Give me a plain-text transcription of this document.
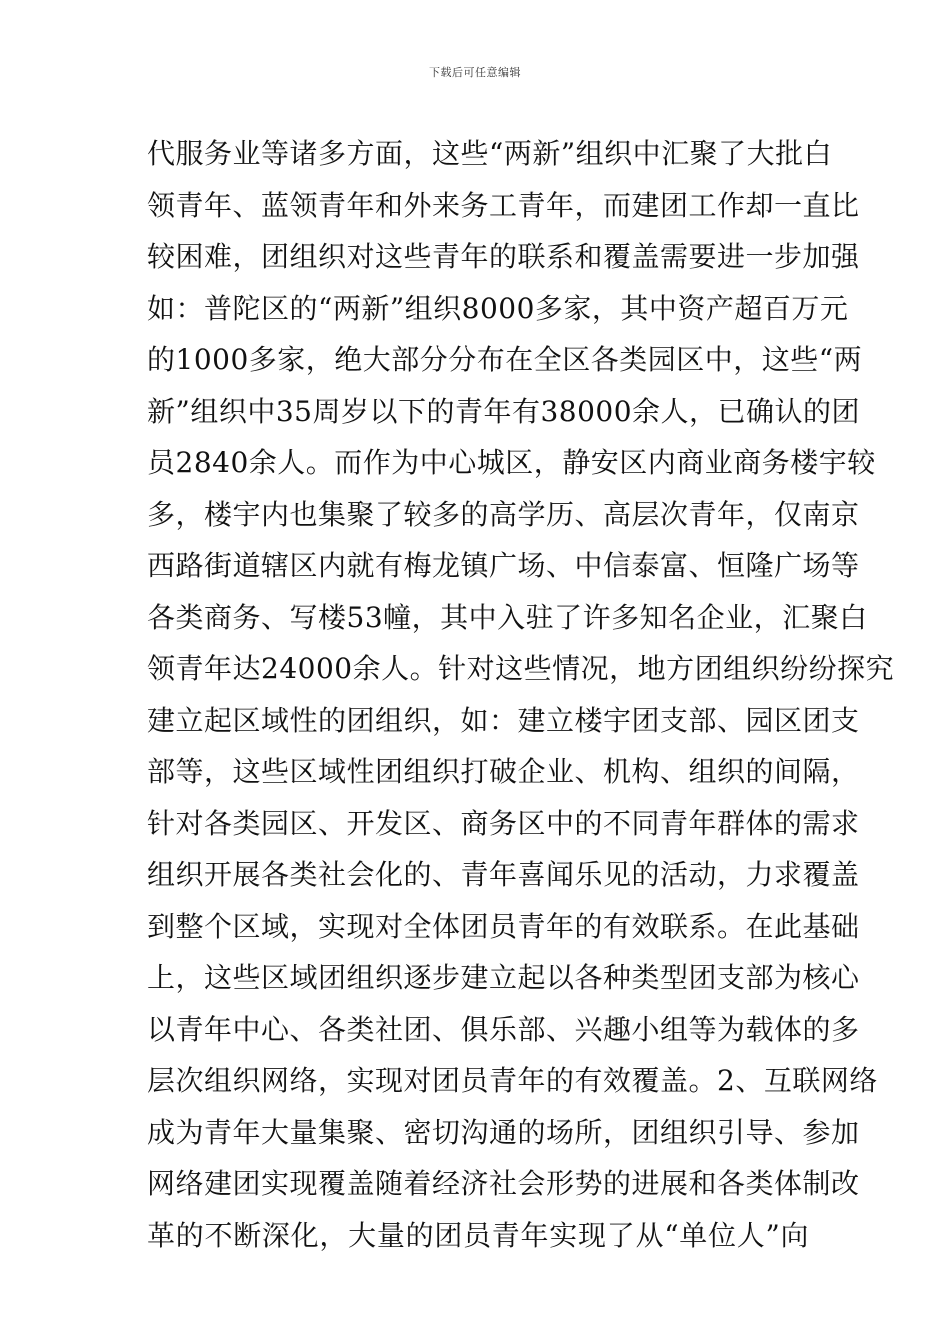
下载后可任意编辑
代服务业等诸多方面，这些“两新”组织中汇聚了大批白
领青年、蓝领青年和外来务工青年，而建团工作却一直比
较困难，团组织对这些青年的联系和覆盖需要进一步加强
如：普陀区的“两新”组织8000多家，其中资产超百万元
的1000多家，绝大部分分布在全区各类园区中，这些“两
新”组织中35周岁以下的青年有38000余人，已确认的团
员2840余人。而作为中心城区，静安区内商业商务楼宇较
多，楼宇内也集聚了较多的高学历、高层次青年，仅南京
西路街道辖区内就有梅龙镇广场、中信泰富、恒隆广场等
各类商务、写楼53幢，其中入驻了许多知名企业，汇聚白
领青年达24000余人。针对这些情况，地方团组织纷纷探究
建立起区域性的团组织，如：建立楼宇团支部、园区团支
部等，这些区域性团组织打破企业、机构、组织的间隔，
针对各类园区、开发区、商务区中的不同青年群体的需求
组织开展各类社会化的、青年喜闻乐见的活动，力求覆盖
到整个区域，实现对全体团员青年的有效联系。在此基础
上，这些区域团组织逐步建立起以各种类型团支部为核心
以青年中心、各类社团、俱乐部、兴趣小组等为载体的多
层次组织网络，实现对团员青年的有效覆盖。2、互联网络
成为青年大量集聚、密切沟通的场所，团组织引导、参加
网络建团实现覆盖随着经济社会形势的进展和各类体制改
革的不断深化，大量的团员青年实现了从“单位人”向
